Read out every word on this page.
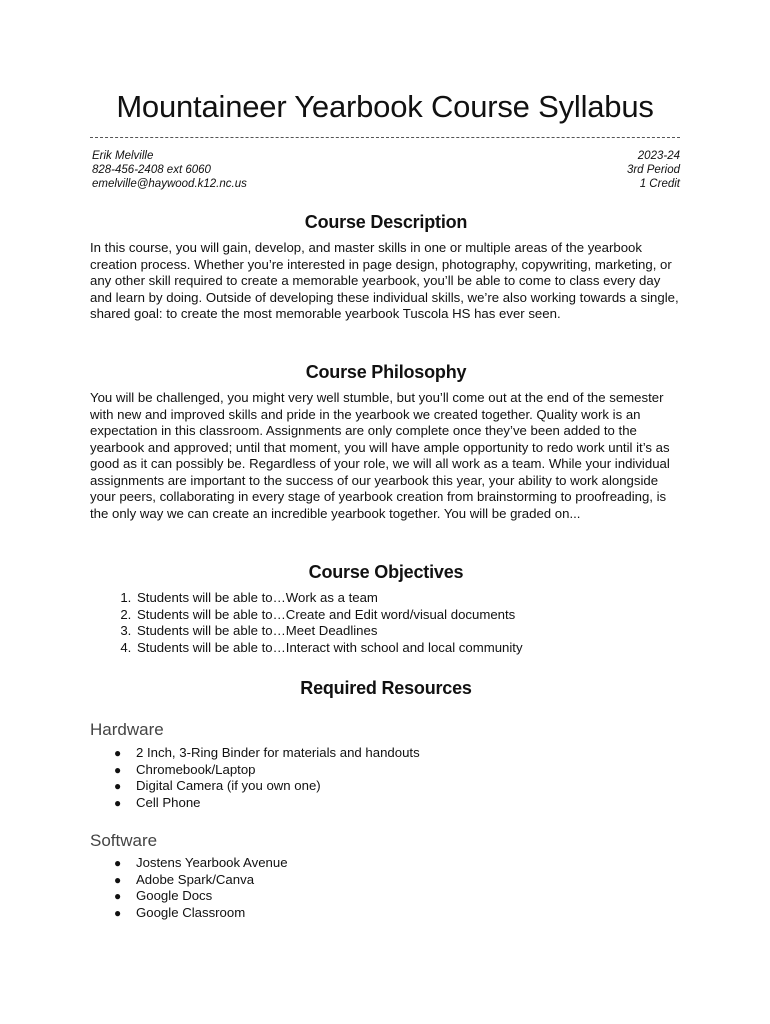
Mountaineer Yearbook Course Syllabus
Erik Melville
828-456-2408 ext 6060
emelville@haywood.k12.nc.us
2023-24
3rd Period
1 Credit
Course Description

In this course, you will gain, develop, and master skills in one or multiple areas of the yearbook creation process. Whether you’re interested in page design, photography, copywriting, marketing, or any other skill required to create a memorable yearbook, you’ll be able to come to class every day and learn by doing. Outside of developing these individual skills, we’re also working towards a single, shared goal: to create the most memorable yearbook Tuscola HS has ever seen.

Course Philosophy

You will be challenged, you might very well stumble, but you’ll come out at the end of the semester with new and improved skills and pride in the yearbook we created together. Quality work is an expectation in this classroom. Assignments are only complete once they’ve been added to the yearbook and approved; until that moment, you will have ample opportunity to redo work until it’s as good as it can possibly be. Regardless of your role, we will all work as a team. While your individual assignments are important to the success of our yearbook this year, your ability to work alongside your peers, collaborating in every stage of yearbook creation from brainstorming to proofreading, is the only way we can create an incredible yearbook together. You will be graded on...

Course Objectives
1. Students will be able to…Work as a team
2. Students will be able to…Create and Edit word/visual documents
3. Students will be able to…Meet Deadlines
4. Students will be able to…Interact with school and local community
Required Resources
Hardware
● 2 Inch, 3-Ring Binder for materials and handouts
● Chromebook/Laptop
● Digital Camera (if you own one)
● Cell Phone
Software
● Jostens Yearbook Avenue
● Adobe Spark/Canva
● Google Docs
● Google Classroom
